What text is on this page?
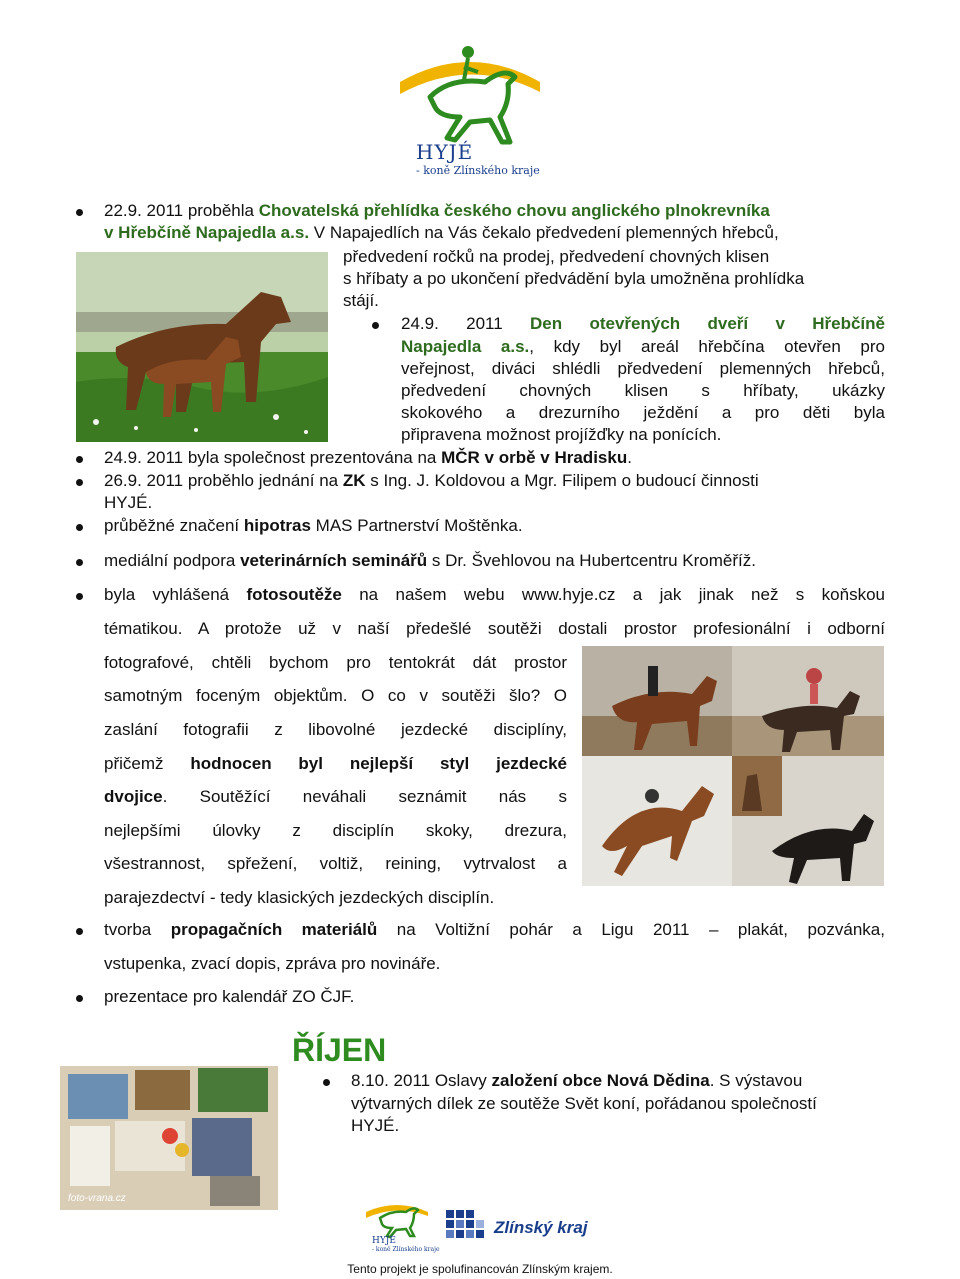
HYJÉ
- koně Zlínského kraje

22.9. 2011 proběhla Chovatelská přehlídka českého chovu anglického plnokrevníka

v Hřebčíně Napajedla a.s. V Napajedlích na Vás čekalo předvedení plemenných hřebců,

předvedení ročků na prodej, předvedení chovných klisen

s hříbaty a po ukončení předvádění byla umožněna prohlídka

stájí.

24.9. 2011 Den otevřených dveří v Hřebčíně

Napajedla a.s., kdy byl areál hřebčína otevřen pro

veřejnost, diváci shlédli předvedení plemenných hřebců,

předvedení chovných klisen s hříbaty, ukázky

skokového a drezurního ježdění a pro děti byla

připravena možnost projížďky na ponících.

24.9. 2011 byla společnost prezentována na MČR v orbě v Hradisku.

26.9. 2011 proběhlo jednání na ZK s Ing. J. Koldovou a Mgr. Filipem o budoucí činnosti

HYJÉ.

průběžné značení hipotras MAS Partnerství Moštěnka.

mediální podpora veterinárních seminářů s Dr. Švehlovou na Hubertcentru Kroměříž.

byla vyhlášená fotosoutěže na našem webu www.hyje.cz a jak jinak než s koňskou

tématikou. A protože už v naší předešlé soutěži dostali prostor profesionální i odborní

fotografové, chtěli bychom pro tentokrát dát prostor

samotným foceným objektům. O co v soutěži šlo? O

zaslání fotografii z libovolné jezdecké disciplíny,

přičemž hodnocen byl nejlepší styl jezdecké

dvojice. Soutěžící neváhali seznámit nás s

nejlepšími úlovky z disciplín skoky, drezura,

všestrannost, spřežení, voltiž, reining, vytrvalost a

parajezdectví - tedy klasických jezdeckých disciplín.

tvorba propagačních materiálů na Voltižní pohár a Ligu 2011 – plakát, pozvánka,

vstupenka, zvací dopis, zpráva pro novináře.

prezentace pro kalendář ZO ČJF.

ŘÍJEN
foto-vrana.cz

8.10. 2011 Oslavy založení obce Nová Dědina. S výstavou

výtvarných dílek ze soutěže Svět koní, pořádanou společností

HYJÉ.

HYJÉ
- koně Zlínského kraje
Zlínský kraj
Tento projekt je spolufinancován Zlínským krajem.
